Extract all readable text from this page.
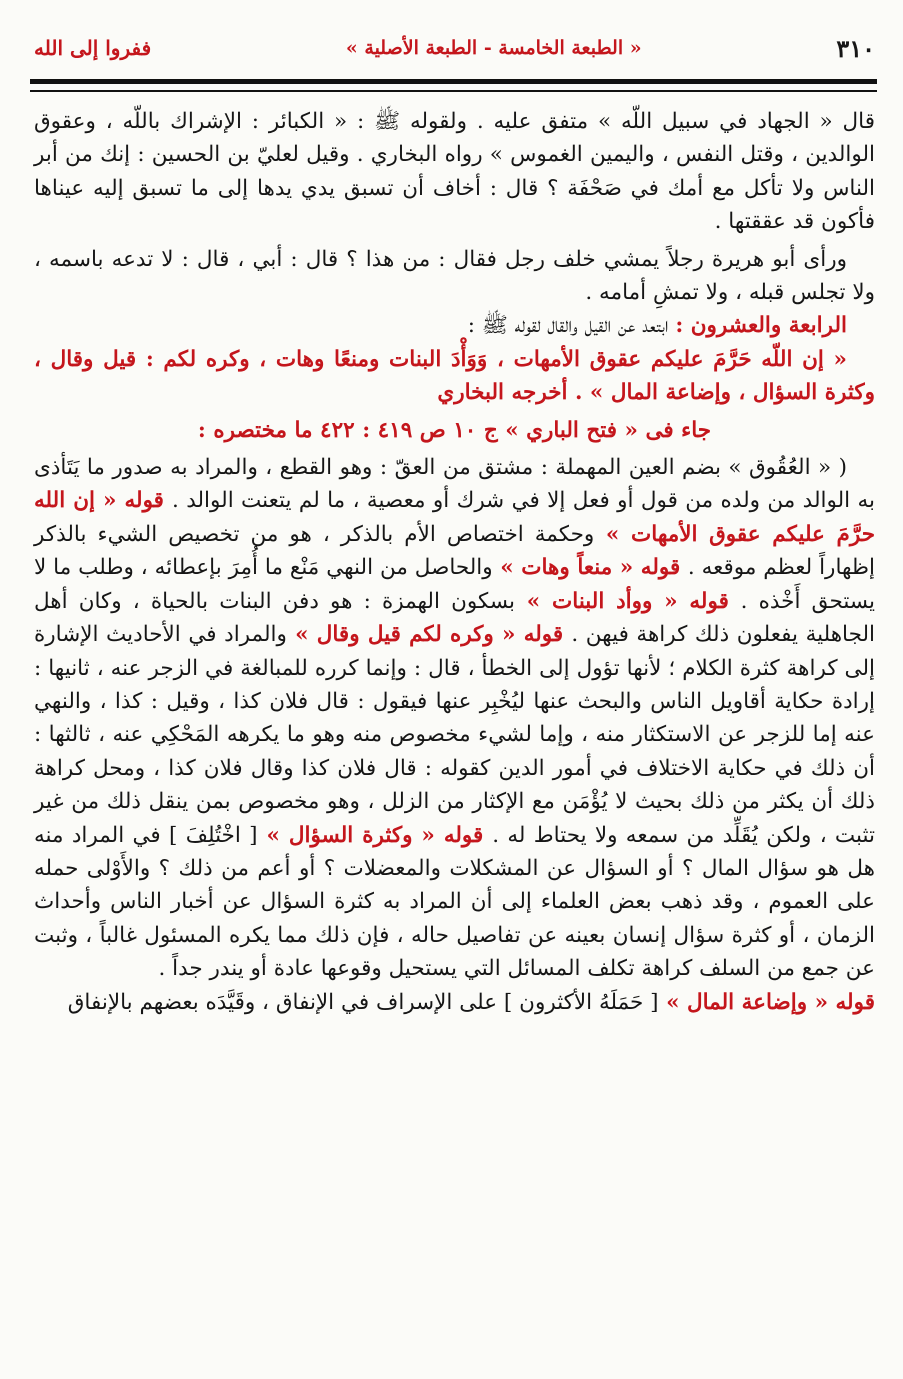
ففروا إلى الله	« الطبعة الخامسة - الطبعة الأصلية »	٣١٠

قال « الجهاد في سبيل اللّه » متفق عليه . ولقوله ﷺ : « الكبائر : الإشراك باللّه ، وعقوق الوالدين ، وقتل النفس ، واليمين الغموس » رواه البخاري . وقيل لعليّ بن الحسين : إنك من أبر الناس ولا تأكل مع أمك في صَحْفَة ؟ قال : أخاف أن تسبق يدي يدها إلى ما تسبق إليه عيناها فأكون قد عققتها .

ورأى أبو هريرة رجلاً يمشي خلف رجل فقال : من هذا ؟ قال : أبي ، قال : لا تدعه باسمه ، ولا تجلس قبله ، ولا تمشِ أمامه .

الرابعة والعشرون : ابتعد عن القيل والقال لقوله ﷺ :

« إن اللّه حَرَّمَ عليكم عقوق الأمهات ، وَوَأْدَ البنات ومنعًا وهات ، وكره لكم : قيل وقال ، وكثرة السؤال ، وإضاعة المال » . أخرجه البخاري

جاء فى « فتح الباري » ج ١٠ ص ٤١٩ : ٤٢٢ ما مختصره :

( « العُقُوق » بضم العين المهملة : مشتق من العقّ : وهو القطع ، والمراد به صدور ما يَتَأذى به الوالد من ولده من قول أو فعل إلا في شرك أو معصية ، ما لم يتعنت الوالد . قوله « إن الله حرَّمَ عليكم عقوق الأمهات » وحكمة اختصاص الأم بالذكر ، هو من تخصيص الشيء بالذكر إظهاراً لعظم موقعه . قوله « منعاً وهات » والحاصل من النهي مَنْع ما أُمِرَ بإعطائه ، وطلب ما لا يستحق أَخْذه . قوله « ووأد البنات » بسكون الهمزة : هو دفن البنات بالحياة ، وكان أهل الجاهلية يفعلون ذلك كراهة فيهن . قوله « وكره لكم قيل وقال » والمراد في الأحاديث الإشارة إلى كراهة كثرة الكلام ؛ لأنها تؤول إلى الخطأ ، قال : وإنما كرره للمبالغة في الزجر عنه ، ثانيها : إرادة حكاية أقاويل الناس والبحث عنها ليُخْبِر عنها فيقول : قال فلان كذا ، وقيل : كذا ، والنهي عنه إما للزجر عن الاستكثار منه ، وإما لشيء مخصوص منه وهو ما يكرهه المَحْكِي عنه ، ثالثها : أن ذلك في حكاية الاختلاف في أمور الدين كقوله : قال فلان كذا وقال فلان كذا ، ومحل كراهة ذلك أن يكثر من ذلك بحيث لا يُؤْمَن مع الإكثار من الزلل ، وهو مخصوص بمن ينقل ذلك من غير تثبت ، ولكن يُقَلِّد من سمعه ولا يحتاط له . قوله « وكثرة السؤال » [ اخْتُلِفَ ] في المراد منه هل هو سؤال المال ؟ أو السؤال عن المشكلات والمعضلات ؟ أو أعم من ذلك ؟ والأَوْلى حمله على العموم ، وقد ذهب بعض العلماء إلى أن المراد به كثرة السؤال عن أخبار الناس وأحداث الزمان ، أو كثرة سؤال إنسان بعينه عن تفاصيل حاله ، فإن ذلك مما يكره المسئول غالباً ، وثبت عن جمع من السلف كراهة تكلف المسائل التي يستحيل وقوعها عادة أو يندر جداً .

قوله « وإضاعة المال » [ حَمَلَهُ الأكثرون ] على الإسراف في الإنفاق ، وقَيَّدَه بعضهم بالإنفاق
